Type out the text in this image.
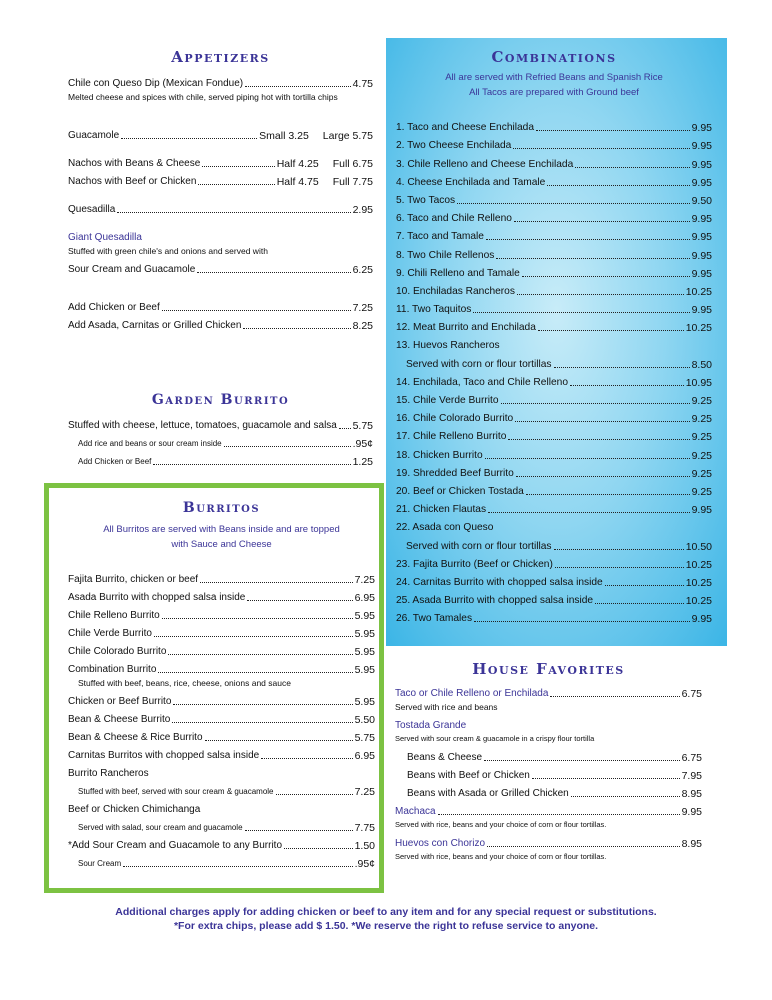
Appetizers
Chile con Queso Dip (Mexican Fondue)	4.75
Melted cheese and spices with chile, served piping hot with tortilla chips
Guacamole	Small 3.25 Large 5.75
Nachos with Beans & Cheese	Half 4.25 Full 6.75
Nachos with Beef or Chicken	Half 4.75 Full 7.75
Quesadilla	2.95
Giant Quesadilla
Stuffed with green chile's and onions and served with
Sour Cream and Guacamole	6.25
Add Chicken or Beef	7.25
Add Asada, Carnitas or Grilled Chicken	8.25
Garden Burrito
Stuffed with cheese, lettuce, tomatoes, guacamole and salsa 5.75
Add rice and beans or sour cream inside	.95¢
Add Chicken or Beef	1.25
Burritos
All Burritos are served with Beans inside and are topped
with Sauce and Cheese
Fajita Burrito, chicken or beef	7.25
Asada Burrito with chopped salsa inside	6.95
Chile Relleno Burrito	5.95
Chile Verde Burrito	5.95
Chile Colorado Burrito	5.95
Combination Burrito	5.95
Stuffed with beef, beans, rice, cheese, onions and sauce
Chicken or Beef Burrito	5.95
Bean & Cheese Burrito	5.50
Bean & Cheese & Rice Burrito	5.75
Carnitas Burritos with chopped salsa inside	6.95
Burrito Rancheros
Stuffed with beef, served with sour cream & guacamole	7.25
Beef or Chicken Chimichanga
Served with salad, sour cream and guacamole	7.75
*Add Sour Cream and Guacamole to any Burrito	1.50
Sour Cream	.95¢
Combinations
All are served with Refried Beans and Spanish Rice
All Tacos are prepared with Ground beef
1. Taco and Cheese Enchilada	9.95
2. Two Cheese Enchilada	9.95
3. Chile Relleno and Cheese Enchilada	9.95
4. Cheese Enchilada and Tamale	9.95
5. Two Tacos	9.50
6. Taco and Chile Relleno	9.95
7. Taco and Tamale	9.95
8. Two Chile Rellenos	9.95
9. Chili Relleno and Tamale	9.95
10. Enchiladas Rancheros	10.25
11. Two Taquitos	9.95
12. Meat Burrito and Enchilada	10.25
13. Huevos Rancheros
Served with corn or flour tortillas	8.50
14. Enchilada, Taco and Chile Relleno	10.95
15. Chile Verde Burrito	9.25
16. Chile Colorado Burrito	9.25
17. Chile Relleno Burrito	9.25
18. Chicken Burrito	9.25
19. Shredded Beef Burrito	9.25
20. Beef or Chicken Tostada	9.25
21. Chicken Flautas	9.95
22. Asada con Queso
Served with corn or flour tortillas	10.50
23. Fajita Burrito (Beef or Chicken)	10.25
24. Carnitas Burrito with chopped salsa inside	10.25
25. Asada Burrito with chopped salsa inside	10.25
26. Two Tamales	9.95
House Favorites
Taco or Chile Relleno or Enchilada	6.75
Served with rice and beans
Tostada Grande
Served with sour cream & guacamole in a crispy flour tortilla
Beans & Cheese	6.75
Beans with Beef or Chicken	7.95
Beans with Asada or Grilled Chicken	8.95
Machaca	9.95
Served with rice, beans and your choice of corn or flour tortillas.
Huevos con Chorizo	8.95
Served with rice, beans and your choice of corn or flour tortillas.
Additional charges apply for adding chicken or beef to any item and for any special request or substitutions.
*For extra chips, please add $ 1.50. *We reserve the right to refuse service to anyone.
